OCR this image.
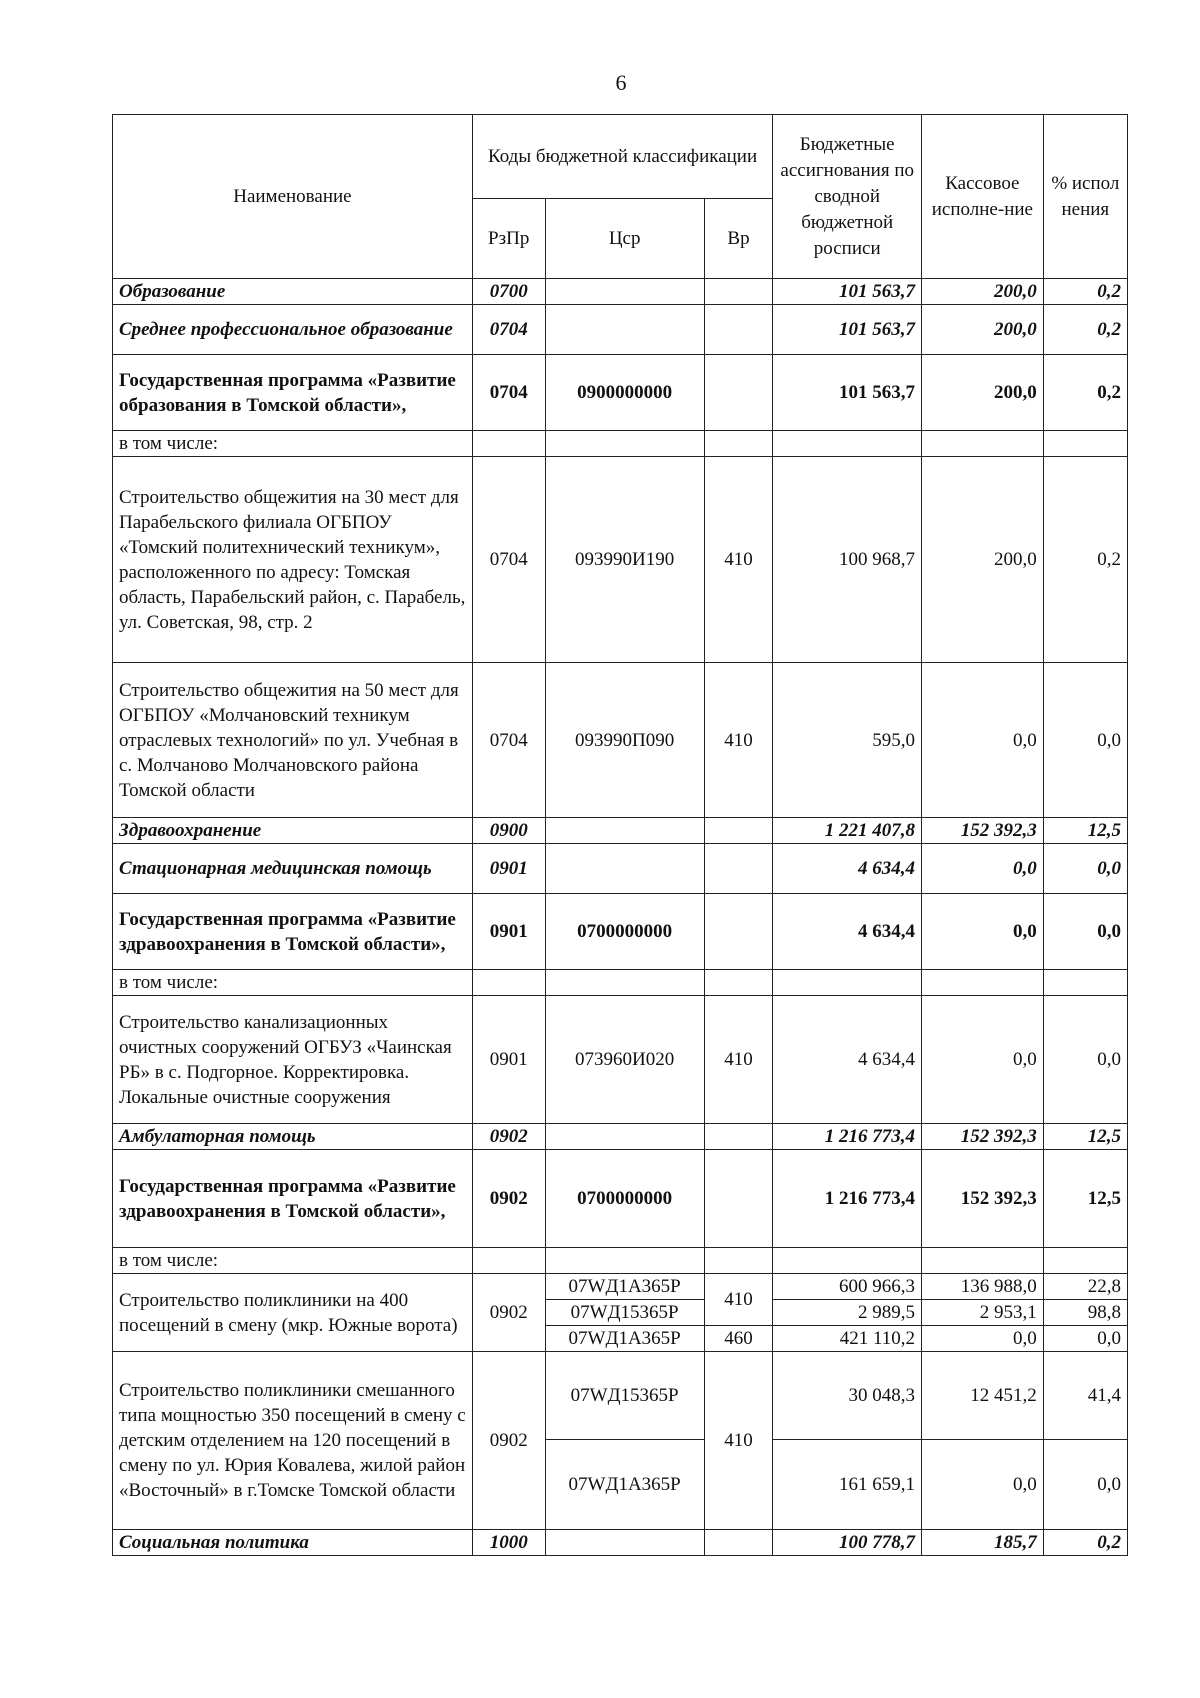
6
Наименование	Коды бюджетной классификации			Бюджетные ассигнования по сводной бюджетной росписи	Кассовое исполне-ние	% испол нения
	РзПр	Цср	Вр			
Образование	0700			101 563,7	200,0	0,2
Среднее профессиональное образование	0704			101 563,7	200,0	0,2
Государственная программа «Развитие образования в Томской области»,	0704	0900000000		101 563,7	200,0	0,2
в том числе:						
Строительство общежития на 30 мест для Парабельского филиала ОГБПОУ «Томский политехнический техникум», расположенного по адресу: Томская область, Парабельский район, с. Парабель, ул. Советская, 98, стр. 2	0704	093990И190	410	100 968,7	200,0	0,2
Строительство общежития на 50 мест для ОГБПОУ «Молчановский техникум отраслевых технологий» по ул. Учебная в с. Молчаново Молчановского района Томской области	0704	093990П090	410	595,0	0,0	0,0
Здравоохранение	0900			1 221 407,8	152 392,3	12,5
Стационарная медицинская помощь	0901			4 634,4	0,0	0,0
Государственная программа «Развитие здравоохранения в Томской области»,	0901	0700000000		4 634,4	0,0	0,0
в том числе:						
Строительство канализационных очистных сооружений ОГБУЗ «Чаинская РБ» в с. Подгорное. Корректировка. Локальные очистные сооружения	0901	073960И020	410	4 634,4	0,0	0,0
Амбулаторная помощь	0902			1 216 773,4	152 392,3	12,5
Государственная программа «Развитие здравоохранения в Томской области»,	0902	0700000000		1 216 773,4	152 392,3	12,5
в том числе:						
Строительство поликлиники на 400 посещений в смену (мкр. Южные ворота)	0902	07WД1А365P	410	600 966,3	136 988,0	22,8
		07WД15365P		2 989,5	2 953,1	98,8
		07WД1А365P	460	421 110,2	0,0	0,0
Строительство поликлиники смешанного типа мощностью 350 посещений в смену с детским отделением на 120 посещений в смену по ул. Юрия Ковалева, жилой район «Восточный» в г.Томске Томской области	0902	07WД15365P	410	30 048,3	12 451,2	41,4
		07WД1А365P		161 659,1	0,0	0,0
Социальная политика	1000			100 778,7	185,7	0,2
